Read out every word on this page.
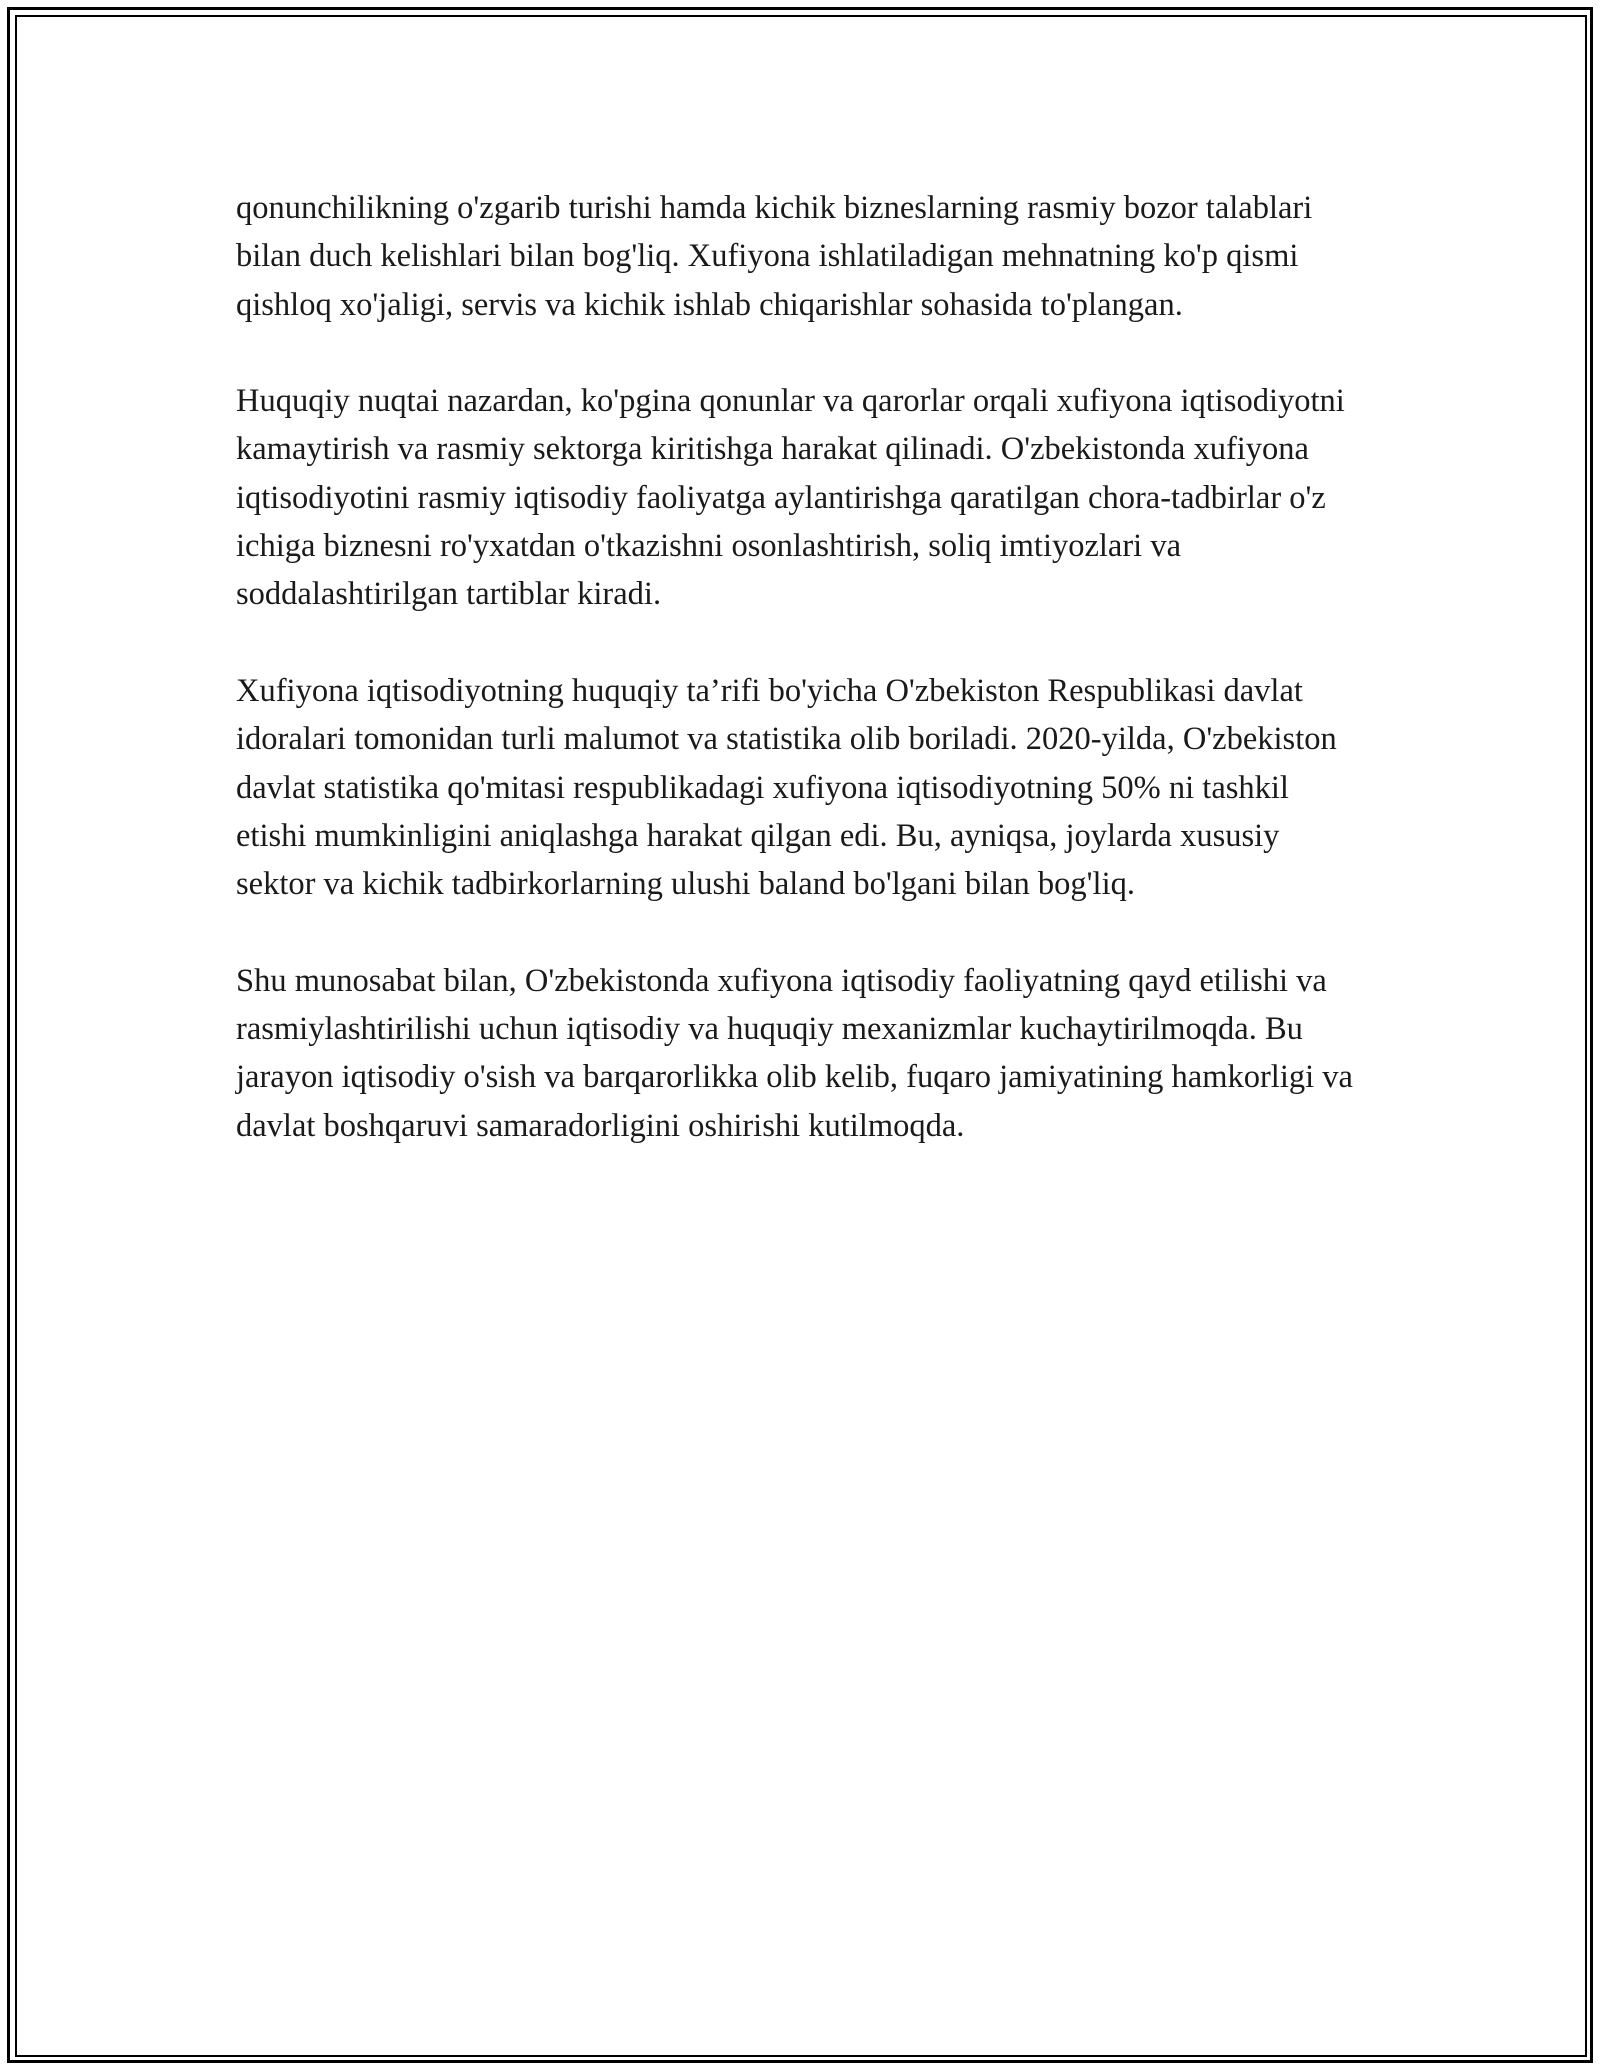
qonunchilikning o'zgarib turishi hamda kichik bizneslarning rasmiy bozor talablari bilan duch kelishlari bilan bog'liq. Xufiyona ishlatiladigan mehnatning ko'p qismi qishloq xo'jaligi, servis va kichik ishlab chiqarishlar sohasida to'plangan.

Huquqiy nuqtai nazardan, ko'pgina qonunlar va qarorlar orqali xufiyona iqtisodiyotni kamaytirish va rasmiy sektorga kiritishga harakat qilinadi. O'zbekistonda xufiyona iqtisodiyotini rasmiy iqtisodiy faoliyatga aylantirishga qaratilgan chora-tadbirlar o'z ichiga biznesni ro'yxatdan o'tkazishni osonlashtirish, soliq imtiyozlari va soddalashtirilgan tartiblar kiradi.

Xufiyona iqtisodiyotning huquqiy ta’rifi bo'yicha O'zbekiston Respublikasi davlat idoralari tomonidan turli malumot va statistika olib boriladi. 2020-yilda, O'zbekiston davlat statistika qo'mitasi respublikadagi xufiyona iqtisodiyotning 50% ni tashkil etishi mumkinligini aniqlashga harakat qilgan edi. Bu, ayniqsa, joylarda xususiy sektor va kichik tadbirkorlarning ulushi baland bo'lgani bilan bog'liq.

Shu munosabat bilan, O'zbekistonda xufiyona iqtisodiy faoliyatning qayd etilishi va rasmiylashtirilishi uchun iqtisodiy va huquqiy mexanizmlar kuchaytirilmoqda. Bu jarayon iqtisodiy o'sish va barqarorlikka olib kelib, fuqaro jamiyatining hamkorligi va davlat boshqaruvi samaradorligini oshirishi kutilmoqda.
